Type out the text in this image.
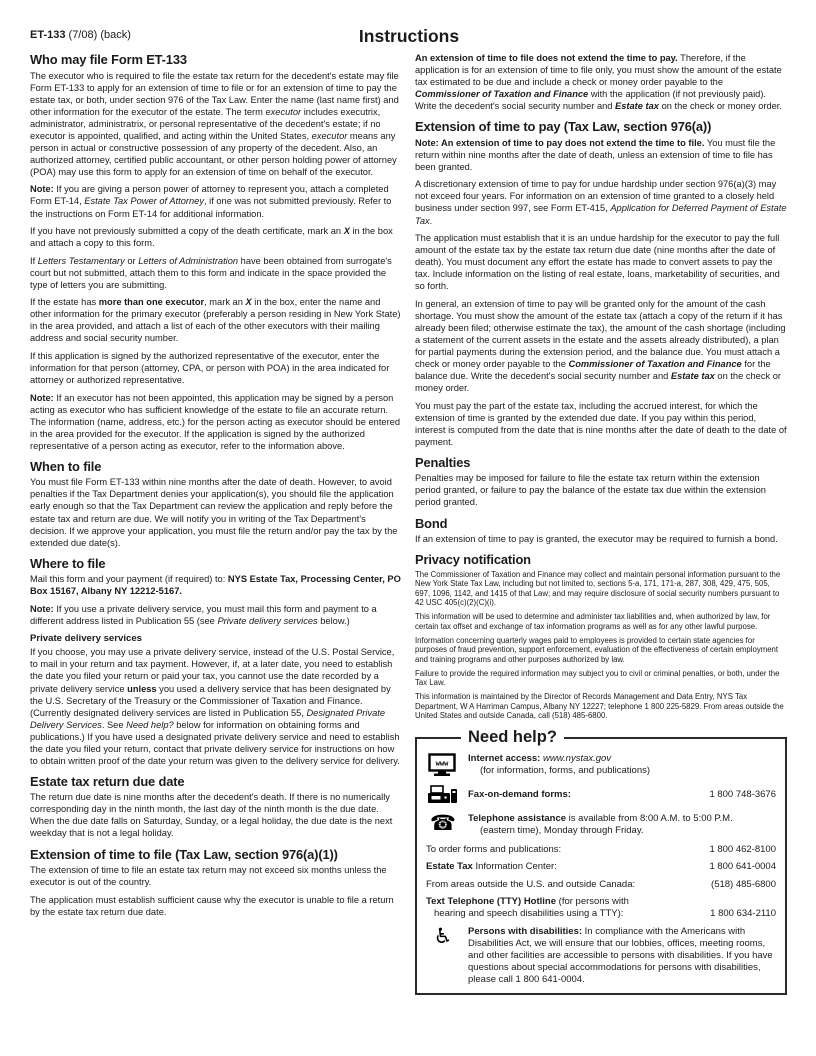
ET-133 (7/08) (back)	Instructions
Who may file Form ET-133
The executor who is required to file the estate tax return for the decedent's estate may file Form ET-133 to apply for an extension of time to file or for an extension of time to pay the estate tax, or both, under section 976 of the Tax Law. Enter the name (last name first) and other information for the executor of the estate. The term executor includes executrix, administrator, administratrix, or personal representative of the decedent's estate; if no executor is appointed, qualified, and acting within the United States, executor means any person in actual or constructive possession of any property of the decedent. Also, an authorized attorney, certified public accountant, or other person holding power of attorney (POA) may use this form to apply for an extension of time on behalf of the executor.
Note: If you are giving a person power of attorney to represent you, attach a completed Form ET-14, Estate Tax Power of Attorney, if one was not submitted previously. Refer to the instructions on Form ET-14 for additional information.
If you have not previously submitted a copy of the death certificate, mark an X in the box and attach a copy to this form.
If Letters Testamentary or Letters of Administration have been obtained from surrogate's court but not submitted, attach them to this form and indicate in the space provided the type of letters you are submitting.
If the estate has more than one executor, mark an X in the box, enter the name and other information for the primary executor (preferably a person residing in New York State) in the area provided, and attach a list of each of the other executors with their mailing address and social security number.
If this application is signed by the authorized representative of the executor, enter the information for that person (attorney, CPA, or person with POA) in the area indicated for attorney or authorized representative.
Note: If an executor has not been appointed, this application may be signed by a person acting as executor who has sufficient knowledge of the estate to file an accurate return. The information (name, address, etc.) for the person acting as executor should be entered in the area provided for the executor. If the application is signed by the authorized representative of a person acting as executor, refer to the information above.
When to file
You must file Form ET-133 within nine months after the date of death. However, to avoid penalties if the Tax Department denies your application(s), you should file the application early enough so that the Tax Department can review the application and reply before the estate tax and return are due. We will notify you in writing of the Tax Department's decision. If we approve your application, you must file the return and/or pay the tax by the extended due date(s).
Where to file
Mail this form and your payment (if required) to: NYS Estate Tax, Processing Center, PO Box 15167, Albany NY 12212-5167.
Note: If you use a private delivery service, you must mail this form and payment to a different address listed in Publication 55 (see Private delivery services below.)
Private delivery services
If you choose, you may use a private delivery service, instead of the U.S. Postal Service, to mail in your return and tax payment. However, if, at a later date, you need to establish the date you filed your return or paid your tax, you cannot use the date recorded by a private delivery service unless you used a delivery service that has been designated by the U.S. Secretary of the Treasury or the Commissioner of Taxation and Finance. (Currently designated delivery services are listed in Publication 55, Designated Private Delivery Services. See Need help? below for information on obtaining forms and publications.) If you have used a designated private delivery service and need to establish the date you filed your return, contact that private delivery service for instructions on how to obtain written proof of the date your return was given to the delivery service for delivery.
Estate tax return due date
The return due date is nine months after the decedent's death. If there is no numerically corresponding day in the ninth month, the last day of the ninth month is the due date. When the due date falls on Saturday, Sunday, or a legal holiday, the due date is the next weekday that is not a legal holiday.
Extension of time to file (Tax Law, section 976(a)(1))
The extension of time to file an estate tax return may not exceed six months unless the executor is out of the country.
The application must establish sufficient cause why the executor is unable to file a return by the estate tax return due date.
An extension of time to file does not extend the time to pay. Therefore, if the application is for an extension of time to file only, you must show the amount of the estate tax estimated to be due and include a check or money order payable to the Commissioner of Taxation and Finance with the application (if not previously paid). Write the decedent's social security number and Estate tax on the check or money order.
Extension of time to pay (Tax Law, section 976(a))
Note: An extension of time to pay does not extend the time to file. You must file the return within nine months after the date of death, unless an extension of time to file has been granted.
A discretionary extension of time to pay for undue hardship under section 976(a)(3) may not exceed four years. For information on an extension of time granted to a closely held business under section 997, see Form ET-415, Application for Deferred Payment of Estate Tax.
The application must establish that it is an undue hardship for the executor to pay the full amount of the estate tax by the estate tax return due date (nine months after the date of death). You must document any effort the estate has made to convert assets to pay the tax. Include information on the listing of real estate, loans, marketability of securities, and so forth.
In general, an extension of time to pay will be granted only for the amount of the cash shortage. You must show the amount of the estate tax (attach a copy of the return if it has already been filed; otherwise estimate the tax), the amount of the cash shortage (including a statement of the current assets in the estate and the assets already distributed), a plan for partial payments during the extension period, and the balance due. You must attach a check or money order payable to the Commissioner of Taxation and Finance for the balance due. Write the decedent's social security number and Estate tax on the check or money order.
You must pay the part of the estate tax, including the accrued interest, for which the extension of time is granted by the extended due date. If you pay within this period, interest is computed from the date that is nine months after the date of death to the date of payment.
Penalties
Penalties may be imposed for failure to file the estate tax return within the extension period granted, or failure to pay the balance of the estate tax due within the extension period granted.
Bond
If an extension of time to pay is granted, the executor may be required to furnish a bond.
Privacy notification
The Commissioner of Taxation and Finance may collect and maintain personal information pursuant to the New York State Tax Law, including but not limited to, sections 5-a, 171, 171-a, 287, 308, 429, 475, 505, 697, 1096, 1142, and 1415 of that Law; and may require disclosure of social security numbers pursuant to 42 USC 405(c)(2)(C)(i).
This information will be used to determine and administer tax liabilities and, when authorized by law, for certain tax offset and exchange of tax information programs as well as for any other lawful purpose.
Information concerning quarterly wages paid to employees is provided to certain state agencies for purposes of fraud prevention, support enforcement, evaluation of the effectiveness of certain employment and training programs and other purposes authorized by law.
Failure to provide the required information may subject you to civil or criminal penalties, or both, under the Tax Law.
This information is maintained by the Director of Records Management and Data Entry, NYS Tax Department, W A Harriman Campus, Albany NY 12227; telephone 1 800 225-5829. From areas outside the United States and outside Canada, call (518) 485-6800.
Need help?
www Internet access: www.nystax.gov
(for information, forms, and publications)
Fax-on-demand forms:	1 800 748-3676
☎	Telephone assistance is available from 8:00 A.M. to 5:00 P.M.
(eastern time), Monday through Friday.
To order forms and publications:	1 800 462-8100
Estate Tax Information Center:	1 800 641-0004
From areas outside the U.S. and outside Canada:	(518) 485-6800
Text Telephone (TTY) Hotline (for persons with
hearing and speech disabilities using a TTY):	1 800 634-2110
♿	Persons with disabilities: In compliance with the Americans with Disabilities Act, we will ensure that our lobbies, offices, meeting rooms, and other facilities are accessible to persons with disabilities. If you have questions about special accommodations for persons with disabilities, please call 1 800 641-0004.
